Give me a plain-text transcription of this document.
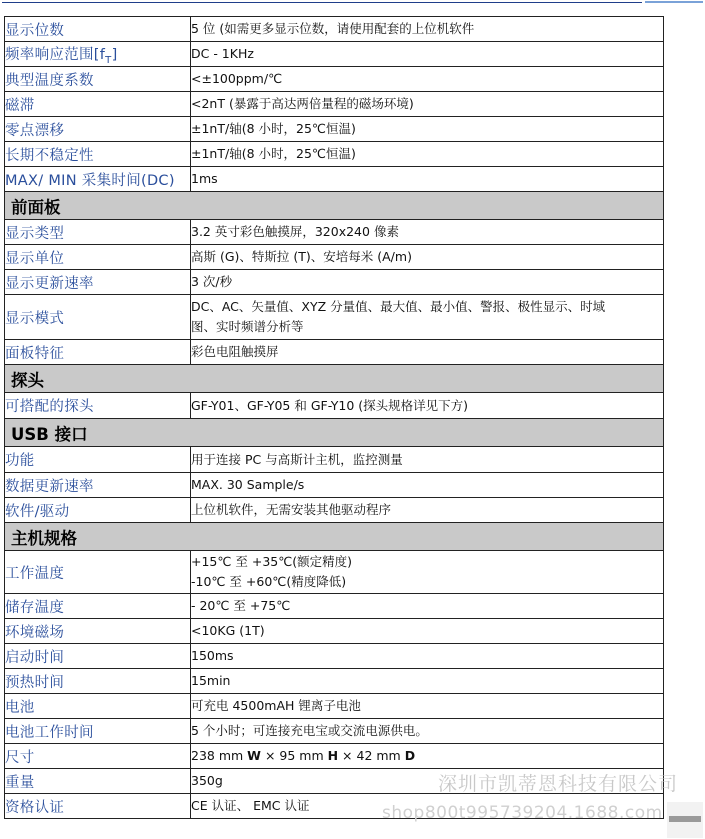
显示位数	5 位 (如需更多显示位数，请使用配套的上位机软件
频率响应范围$[f_T]$	DC - 1KHz
典型温度系数	<±100ppm/℃
磁滞	<2nT (暴露于高达两倍量程的磁场环境)
零点漂移	±1nT/轴(8 小时，25℃恒温)
长期不稳定性	±1nT/轴(8 小时，25℃恒温)
MAX/ MIN 采集时间(DC)	1ms
前面板	
显示类型	3.2 英寸彩色触摸屏，320x240 像素
显示单位	高斯 (G)、特斯拉 (T)、安培每米 (A/m)
显示更新速率	3 次/秒
显示模式	DC、AC、矢量值、XYZ 分量值、最大值、最小值、警报、极性显示、时域
图、实时频谱分析等

面板特征	彩色电阻触摸屏
探头	
可搭配的探头	GF-Y01、GF-Y05 和 GF-Y10 (探头规格详见下方)
USB 接口	
功能	用于连接 PC 与高斯计主机，监控测量
数据更新速率	MAX. 30 Sample/s
软件/驱动	上位机软件，无需安装其他驱动程序
主机规格	
工作温度	+15℃ 至 +35℃(额定精度)
-10℃ 至 +60℃(精度降低)

储存温度	- 20℃ 至 +75℃
环境磁场	<10KG (1T)
启动时间	150ms
预热时间	15min
电池	可充电 4500mAH 锂离子电池
电池工作时间	5 个小时；可连接充电宝或交流电源供电。
尺寸	238 mm W × 95 mm H × 42 mm D
重量	350g
资格认证	CE 认证、 EMC 认证
深圳市凯蒂恩科技有限公司
shop800t995739204.1688.com
